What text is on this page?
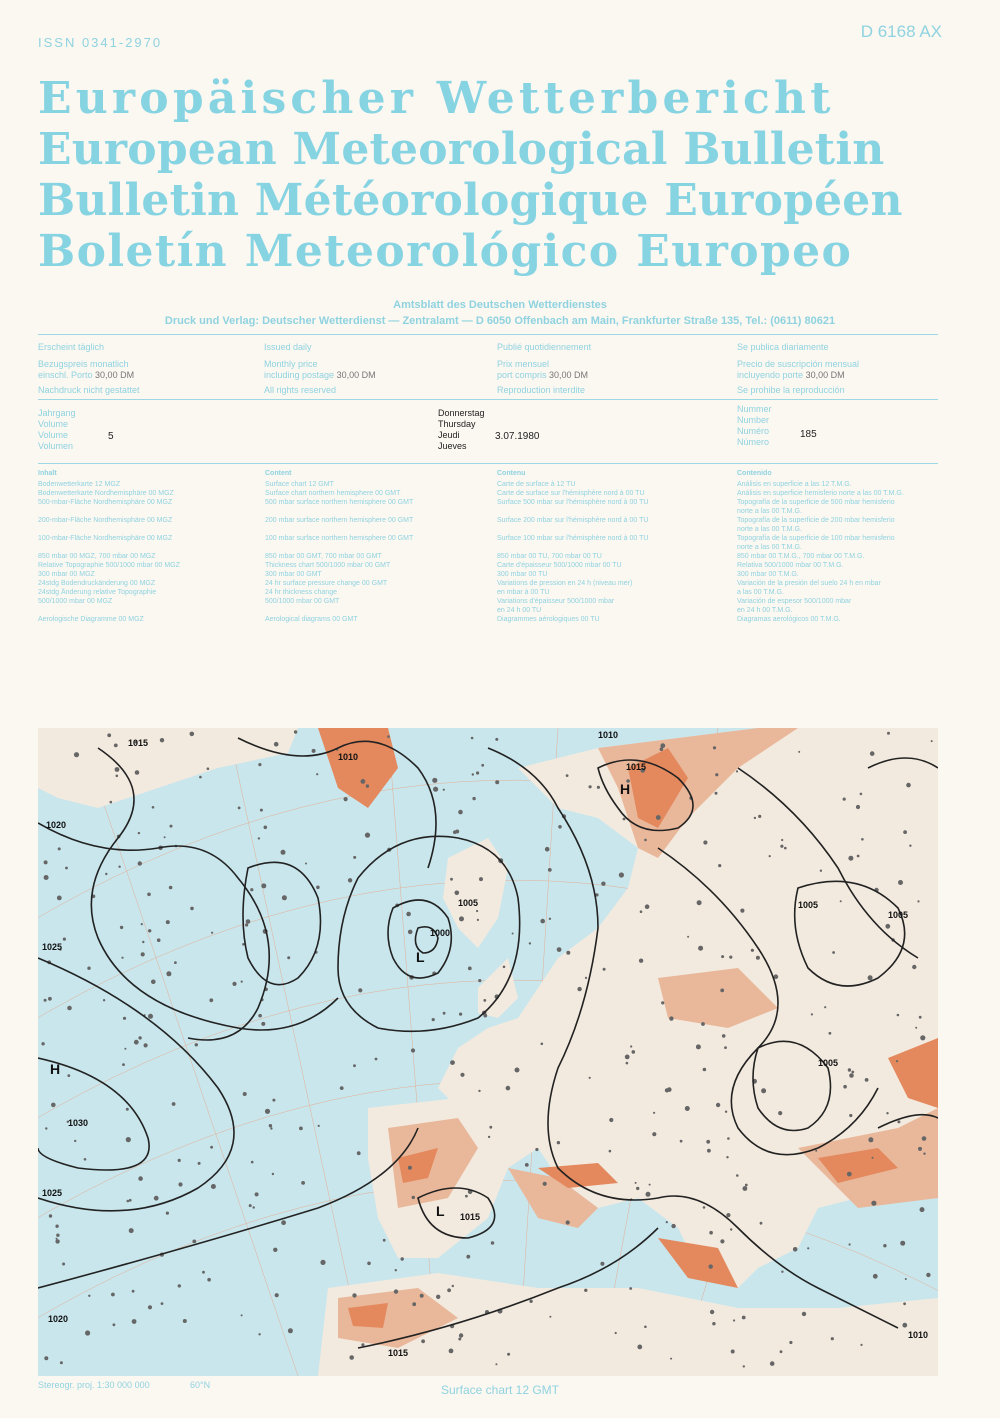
ISSN 0341-2970
D 6168 AX
Europäischer Wetterbericht
European Meteorological Bulletin
Bulletin Météorologique Européen
Boletín Meteorológico Europeo
Amtsblatt des Deutschen Wetterdienstes
Druck und Verlag: Deutscher Wetterdienst — Zentralamt — D 6050 Offenbach am Main, Frankfurter Straße 135, Tel.: (0611) 80621
Erscheint täglich
Bezugspreis monatlich
einschl. Porto 30,00 DM
Nachdruck nicht gestattet
Issued daily
Monthly price
including postage 30,00 DM
All rights reserved
Publié quotidiennement
Prix mensuel
port compris 30,00 DM
Reproduction interdite
Se publica diariamente
Precio de suscripción mensual
incluyendo porte 30,00 DM
Se prohibe la reproducción
Jahrgang
Volume
Volume
Volumen
5
Donnerstag
Thursday
Jeudi
Jueves
3.07.1980
Nummer
Number
Numéro
Número
185
Inhalt
Bodenwetterkarte 12 MGZ
Bodenwetterkarte Nordhemisphäre 00 MGZ
500-mbar-Fläche Nordhemisphäre 00 MGZ

200-mbar-Fläche Nordhemisphäre 00 MGZ

100-mbar-Fläche Nordhemisphäre 00 MGZ

850 mbar 00 MGZ, 700 mbar 00 MGZ
Relative Topographie 500/1000 mbar 00 MGZ
300 mbar 00 MGZ
24stdg Bodendruckänderung 00 MGZ
24stdg Änderung relative Topographie
500/1000 mbar 00 MGZ

Aerologische Diagramme 00 MGZ
Content
Surface chart 12 GMT
Surface chart northern hemisphere 00 GMT
500 mbar surface northern hemisphere 00 GMT

200 mbar surface northern hemisphere 00 GMT

100 mbar surface northern hemisphere 00 GMT

850 mbar 00 GMT, 700 mbar 00 GMT
Thickness chart 500/1000 mbar 00 GMT
300 mbar 00 GMT
24 hr surface pressure change 00 GMT
24 hr thickness change
500/1000 mbar 00 GMT

Aerological diagrams 00 GMT
Contenu
Carte de surface à 12 TU
Carte de surface sur l'hémisphère nord à 00 TU
Surface 500 mbar sur l'hémisphère nord à 00 TU

Surface 200 mbar sur l'hémisphère nord à 00 TU

Surface 100 mbar sur l'hémisphère nord à 00 TU

850 mbar 00 TU, 700 mbar 00 TU
Carte d'épaisseur 500/1000 mbar 00 TU
300 mbar 00 TU
Variations de pression en 24 h (niveau mer)
en mbar à 00 TU
Variations d'épaisseur 500/1000 mbar
en 24 h 00 TU
Diagrammes aérologiques 00 TU
Contenido
Análisis en superficie a las 12 T.M.G.
Análisis en superficie hemisferio norte a las 00 T.M.G.
Topografía de la superficie de 500 mbar hemisferio
norte a las 00 T.M.G.
Topografía de la superficie de 200 mbar hemisferio
norte a las 00 T.M.G.
Topografía de la superficie de 100 mbar hemisferio
norte a las 00 T.M.G.
850 mbar 00 T.M.G., 700 mbar 00 T.M.G.
Relativa 500/1000 mbar 00 T.M.G.
300 mbar 00 T.M.G.
Variación de la presión del suelo 24 h en mbar
a las 00 T.M.G.
Variación de espesor 500/1000 mbar
en 24 h 00 T.M.G.
Diagramas aerológicos 00 T.M.G.
1015
1010
1020
1005
1000
1025
1030
1025
1020
1015
1010
1005
1005
1005
1015
1010
1015
H
H
L
L
Stereogr. proj. 1:30 000 000	60°N	Surface chart 12 GMT
